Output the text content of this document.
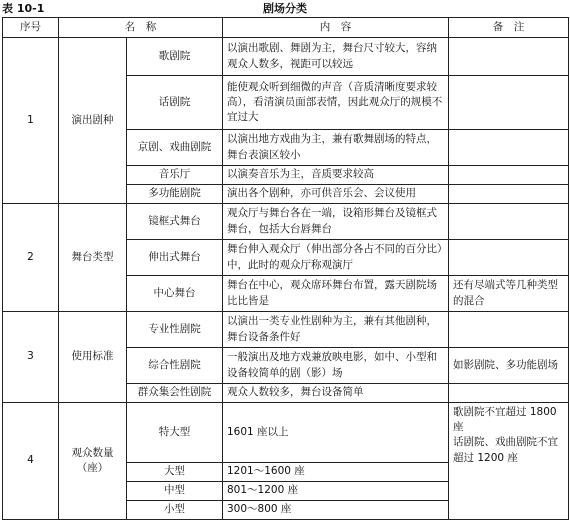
表 10-1	剧场分类
序号	名　称		内　容	备　注
1	演出剧种	歌剧院	以演出歌剧、舞剧为主，舞台尺寸较大，容纳观众人数多，视距可以较远	
		话剧院	能使观众听到细微的声音（音质清晰度要求较高），看清演员面部表情，因此观众厅的规模不宜过大	
		京剧、戏曲剧院	以演出地方戏曲为主，兼有歌舞剧场的特点，舞台表演区较小	
		音乐厅	以演奏音乐为主，音质要求较高	
		多功能剧院	演出各个剧种，亦可供音乐会、会议使用	
2	舞台类型	镜框式舞台	观众厅与舞台各在一端，设箱形舞台及镜框式舞台，包括大台唇舞台	
		伸出式舞台	舞台伸入观众厅（伸出部分各占不同的百分比）中，此时的观众厅称观演厅	
		中心舞台	舞台在中心，观众席环舞台布置，露天剧院场比比皆是	还有尽端式等几种类型的混合
3	使用标准	专业性剧院	以演出一类专业性剧种为主，兼有其他剧种，舞台设备条件好	
		综合性剧院	一般演出及地方戏兼放映电影，如中、小型和设备较简单的剧（影）场	如影剧院、多功能剧场
		群众集会性剧院	观众人数较多，舞台设备简单	
4	观众数量（座）	特大型	1601 座以上	歌剧院不宜超过 1800 座
话剧院、戏曲剧院不宜超过 1200 座

		大型	1201～1600 座	
		中型	801～1200 座	
		小型	300～800 座	
